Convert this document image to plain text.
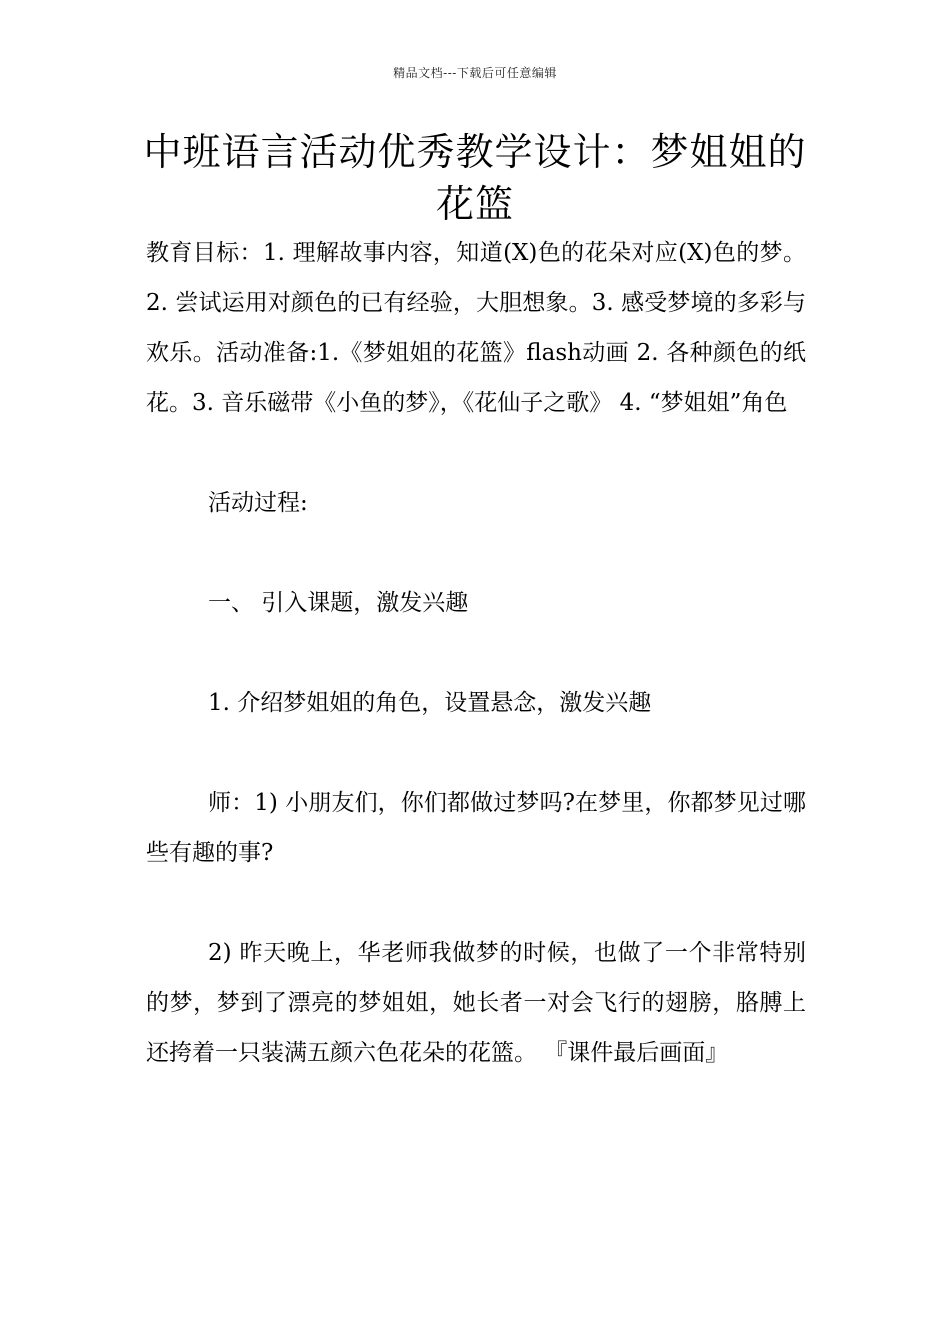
精品文档---下载后可任意编辑
中班语言活动优秀教学设计：梦姐姐的花篮

教育目标：1. 理解故事内容，知道(X)色的花朵对应(X)色的梦。2. 尝试运用对颜色的已有经验，大胆想象。3. 感受梦境的多彩与欢乐。活动准备:1.《梦姐姐的花篮》flash动画 2. 各种颜色的纸花。3. 音乐磁带《小鱼的梦》，《花仙子之歌》 4. “梦姐姐”角色

活动过程:

一、 引入课题，激发兴趣

1. 介绍梦姐姐的角色，设置悬念，激发兴趣

师：1) 小朋友们，你们都做过梦吗?在梦里，你都梦见过哪些有趣的事?

2) 昨天晚上，华老师我做梦的时候，也做了一个非常特别的梦，梦到了漂亮的梦姐姐，她长者一对会飞行的翅膀，胳膊上还挎着一只装满五颜六色花朵的花篮。 『课件最后画面』
